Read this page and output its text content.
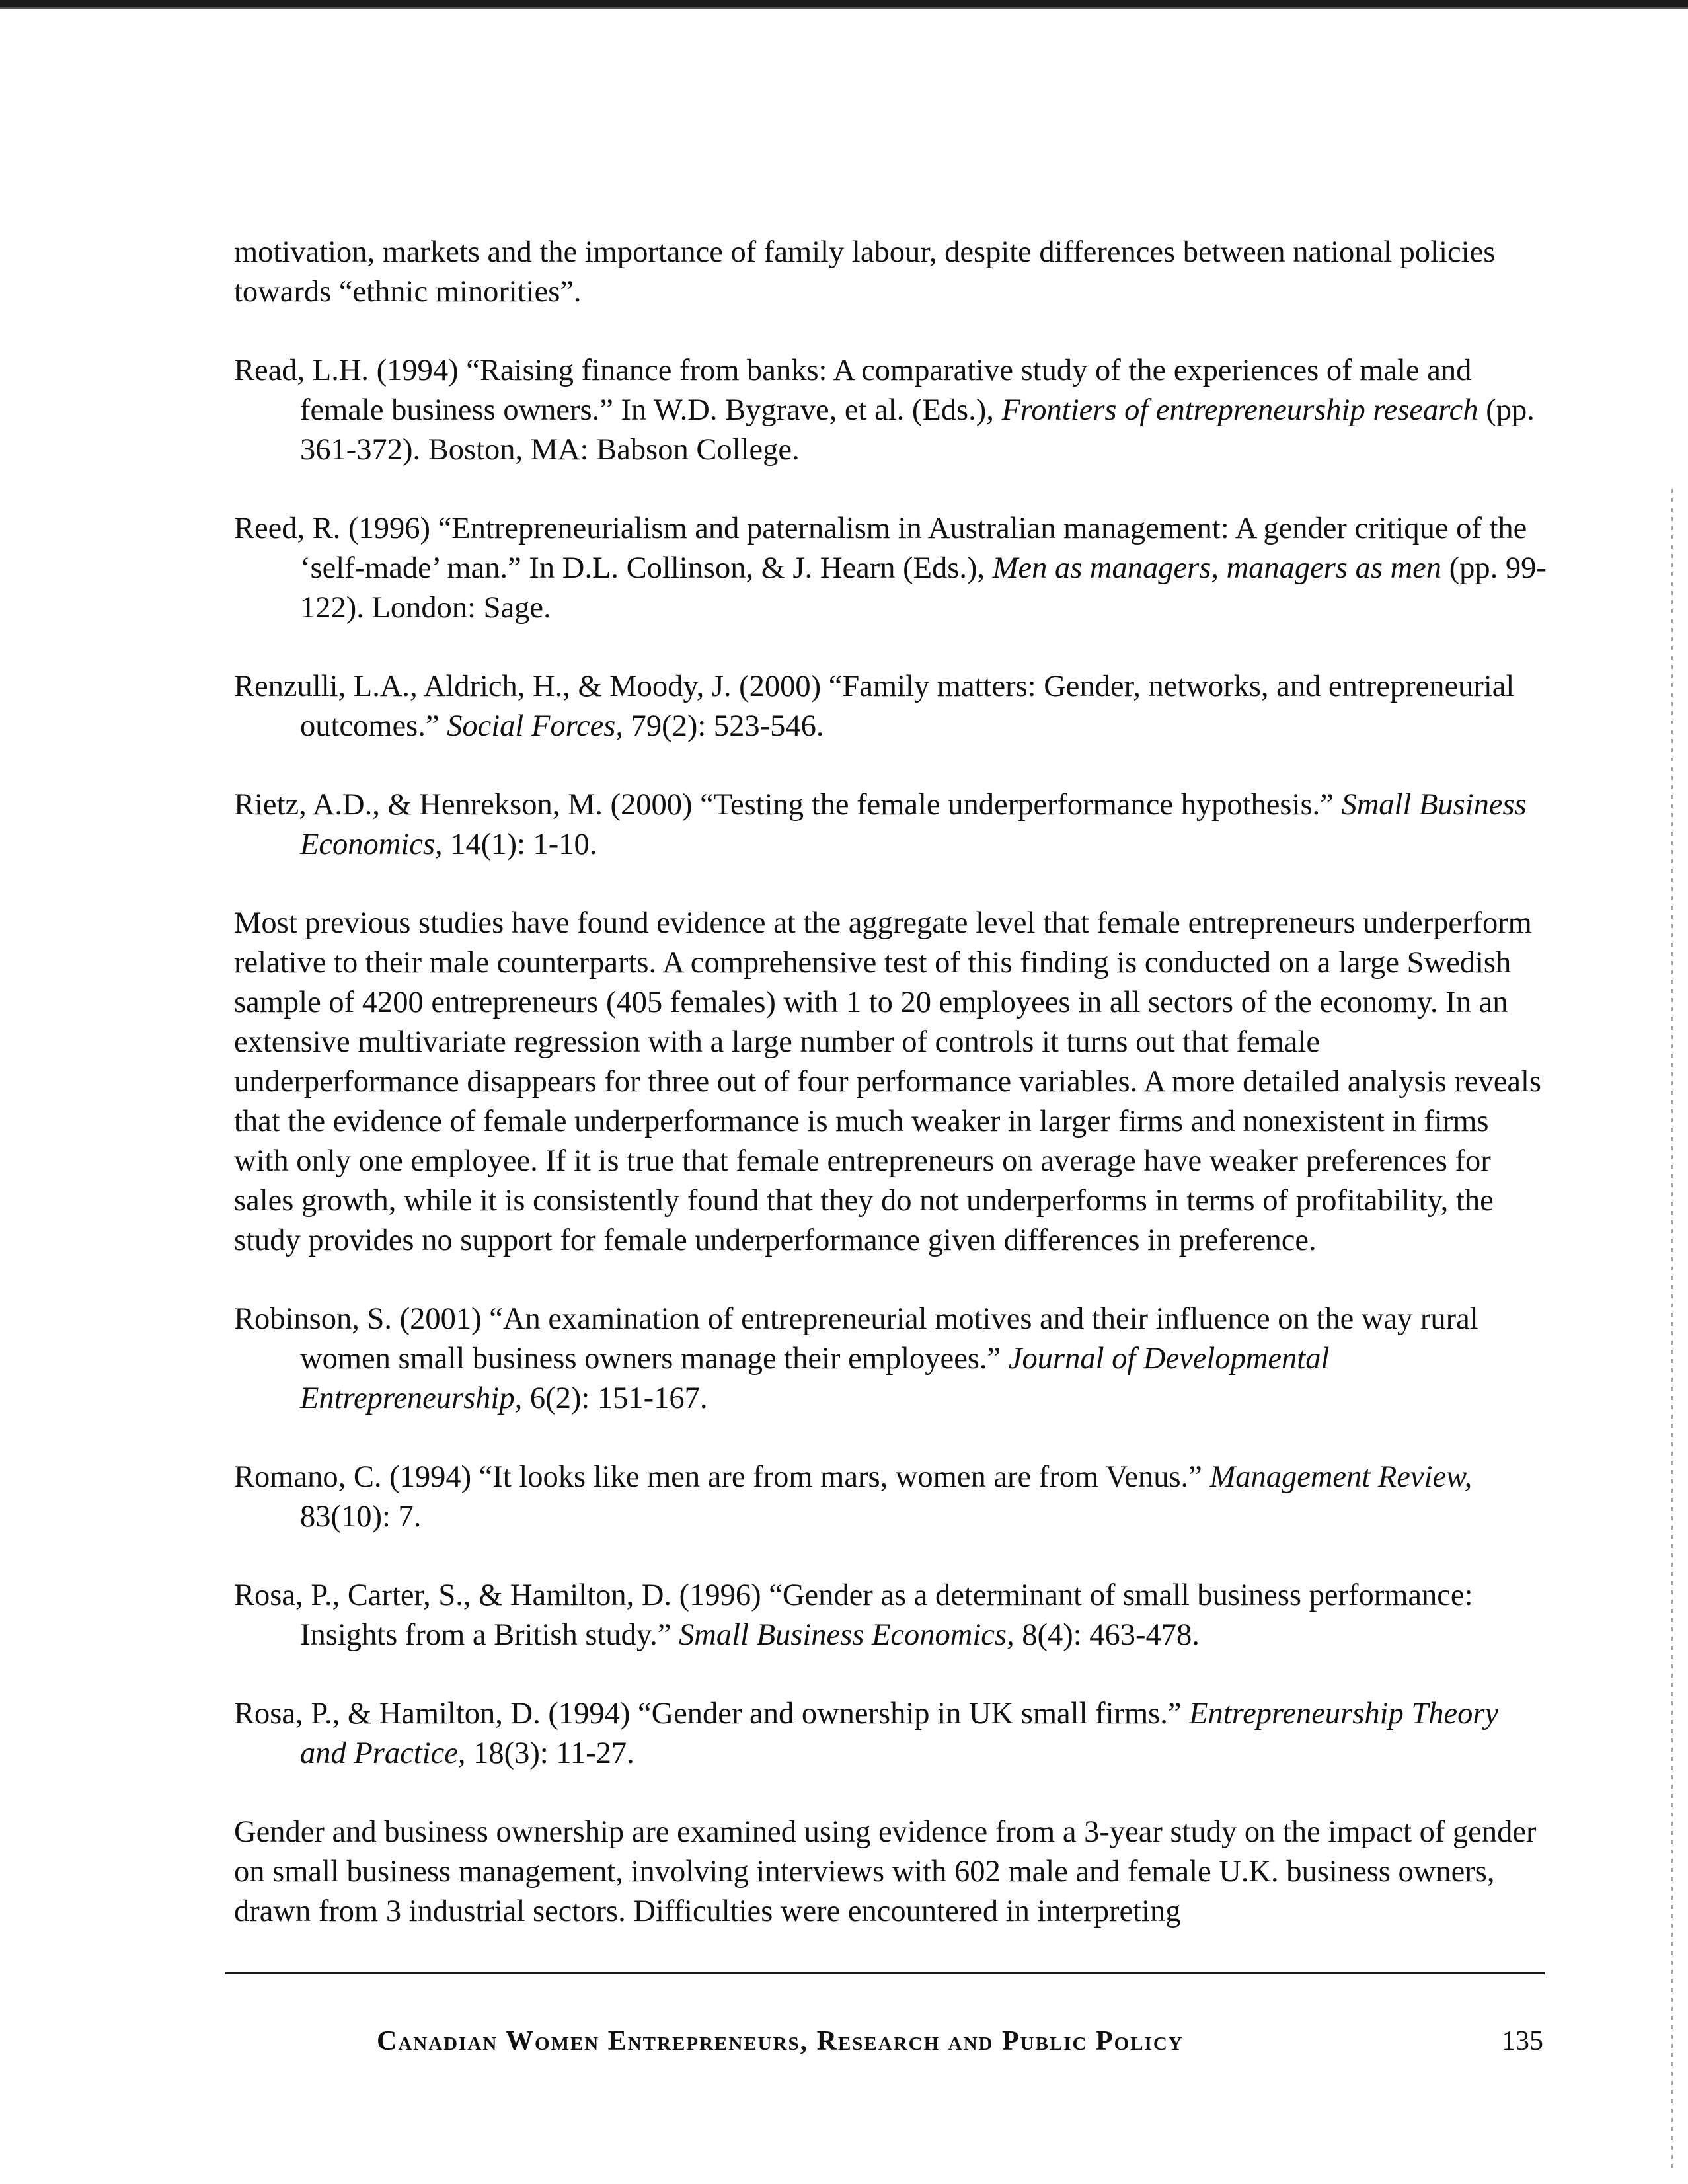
motivation, markets and the importance of family labour, despite differences between national policies towards “ethnic minorities”.

Read, L.H. (1994) “Raising finance from banks: A comparative study of the experiences of male and female business owners.” In W.D. Bygrave, et al. (Eds.), Frontiers of entrepreneurship research (pp. 361-372). Boston, MA: Babson College.

Reed, R. (1996) “Entrepreneurialism and paternalism in Australian management: A gender critique of the ‘self-made’ man.” In D.L. Collinson, & J. Hearn (Eds.), Men as managers, managers as men (pp. 99-122). London: Sage.

Renzulli, L.A., Aldrich, H., & Moody, J. (2000) “Family matters: Gender, networks, and entrepreneurial outcomes.” Social Forces, 79(2): 523-546.

Rietz, A.D., & Henrekson, M. (2000) “Testing the female underperformance hypothesis.” Small Business Economics, 14(1): 1-10.

Most previous studies have found evidence at the aggregate level that female entrepreneurs underperform relative to their male counterparts. A comprehensive test of this finding is conducted on a large Swedish sample of 4200 entrepreneurs (405 females) with 1 to 20 employees in all sectors of the economy. In an extensive multivariate regression with a large number of controls it turns out that female underperformance disappears for three out of four performance variables. A more detailed analysis reveals that the evidence of female underperformance is much weaker in larger firms and nonexistent in firms with only one employee. If it is true that female entrepreneurs on average have weaker preferences for sales growth, while it is consistently found that they do not underperforms in terms of profitability, the study provides no support for female underperformance given differences in preference.

Robinson, S. (2001) “An examination of entrepreneurial motives and their influence on the way rural women small business owners manage their employees.” Journal of Developmental Entrepreneurship, 6(2): 151-167.

Romano, C. (1994) “It looks like men are from mars, women are from Venus.” Management Review, 83(10): 7.

Rosa, P., Carter, S., & Hamilton, D. (1996) “Gender as a determinant of small business performance: Insights from a British study.” Small Business Economics, 8(4): 463-478.

Rosa, P., & Hamilton, D. (1994) “Gender and ownership in UK small firms.” Entrepreneurship Theory and Practice, 18(3): 11-27.

Gender and business ownership are examined using evidence from a 3-year study on the impact of gender on small business management, involving interviews with 602 male and female U.K. business owners, drawn from 3 industrial sectors. Difficulties were encountered in interpreting

Canadian Women Entrepreneurs, Research and Public Policy	135
